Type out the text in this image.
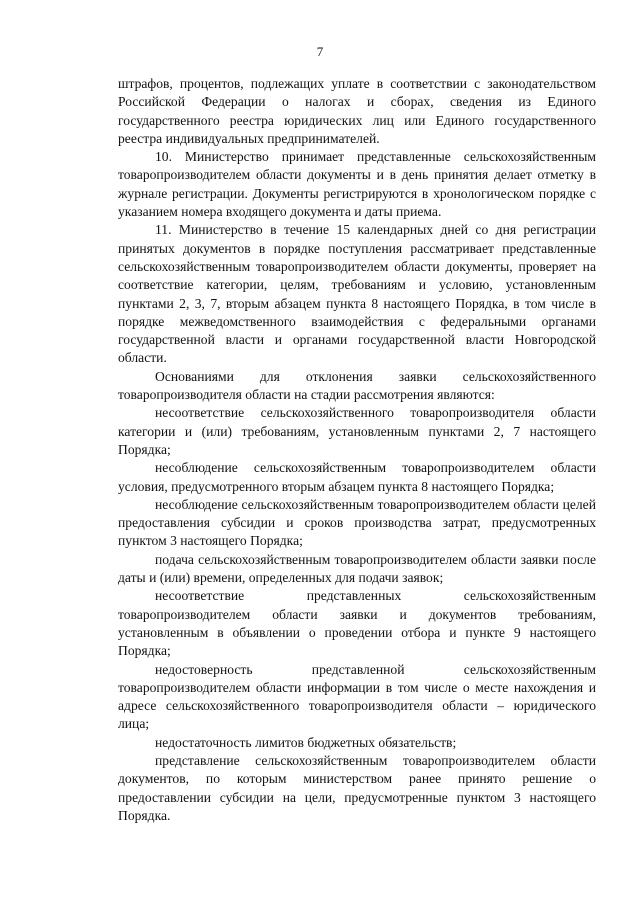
7

штрафов, процентов, подлежащих уплате в соответствии с законодательством Российской Федерации о налогах и сборах, сведения из Единого государственного реестра юридических лиц или Единого государственного реестра индивидуальных предпринимателей.

10. Министерство принимает представленные сельскохозяйственным товаропроизводителем области документы и в день принятия делает отметку в журнале регистрации. Документы регистрируются в хронологическом порядке с указанием номера входящего документа и даты приема.

11. Министерство в течение 15 календарных дней со дня регистрации принятых документов в порядке поступления рассматривает представленные сельскохозяйственным товаропроизводителем области документы, проверяет на соответствие категории, целям, требованиям и условию, установленным пунктами 2, 3, 7, вторым абзацем пункта 8 настоящего Порядка, в том числе в порядке межведомственного взаимодействия с федеральными органами государственной власти и органами государственной власти Новгородской области.

Основаниями для отклонения заявки сельскохозяйственного товаропроизводителя области на стадии рассмотрения являются:

несоответствие сельскохозяйственного товаропроизводителя области категории и (или) требованиям, установленным пунктами 2, 7 настоящего Порядка;

несоблюдение сельскохозяйственным товаропроизводителем области условия, предусмотренного вторым абзацем пункта 8 настоящего Порядка;

несоблюдение сельскохозяйственным товаропроизводителем области целей предоставления субсидии и сроков производства затрат, предусмотренных пунктом 3 настоящего Порядка;

подача сельскохозяйственным товаропроизводителем области заявки после даты и (или) времени, определенных для подачи заявок;

несоответствие представленных сельскохозяйственным товаропроизводителем области заявки и документов требованиям, установленным в объявлении о проведении отбора и пункте 9 настоящего Порядка;

недостоверность представленной сельскохозяйственным товаропроизводителем области информации в том числе о месте нахождения и адресе сельскохозяйственного товаропроизводителя области – юридического лица;

недостаточность лимитов бюджетных обязательств;

представление сельскохозяйственным товаропроизводителем области документов, по которым министерством ранее принято решение о предоставлении субсидии на цели, предусмотренные пунктом 3 настоящего Порядка.
